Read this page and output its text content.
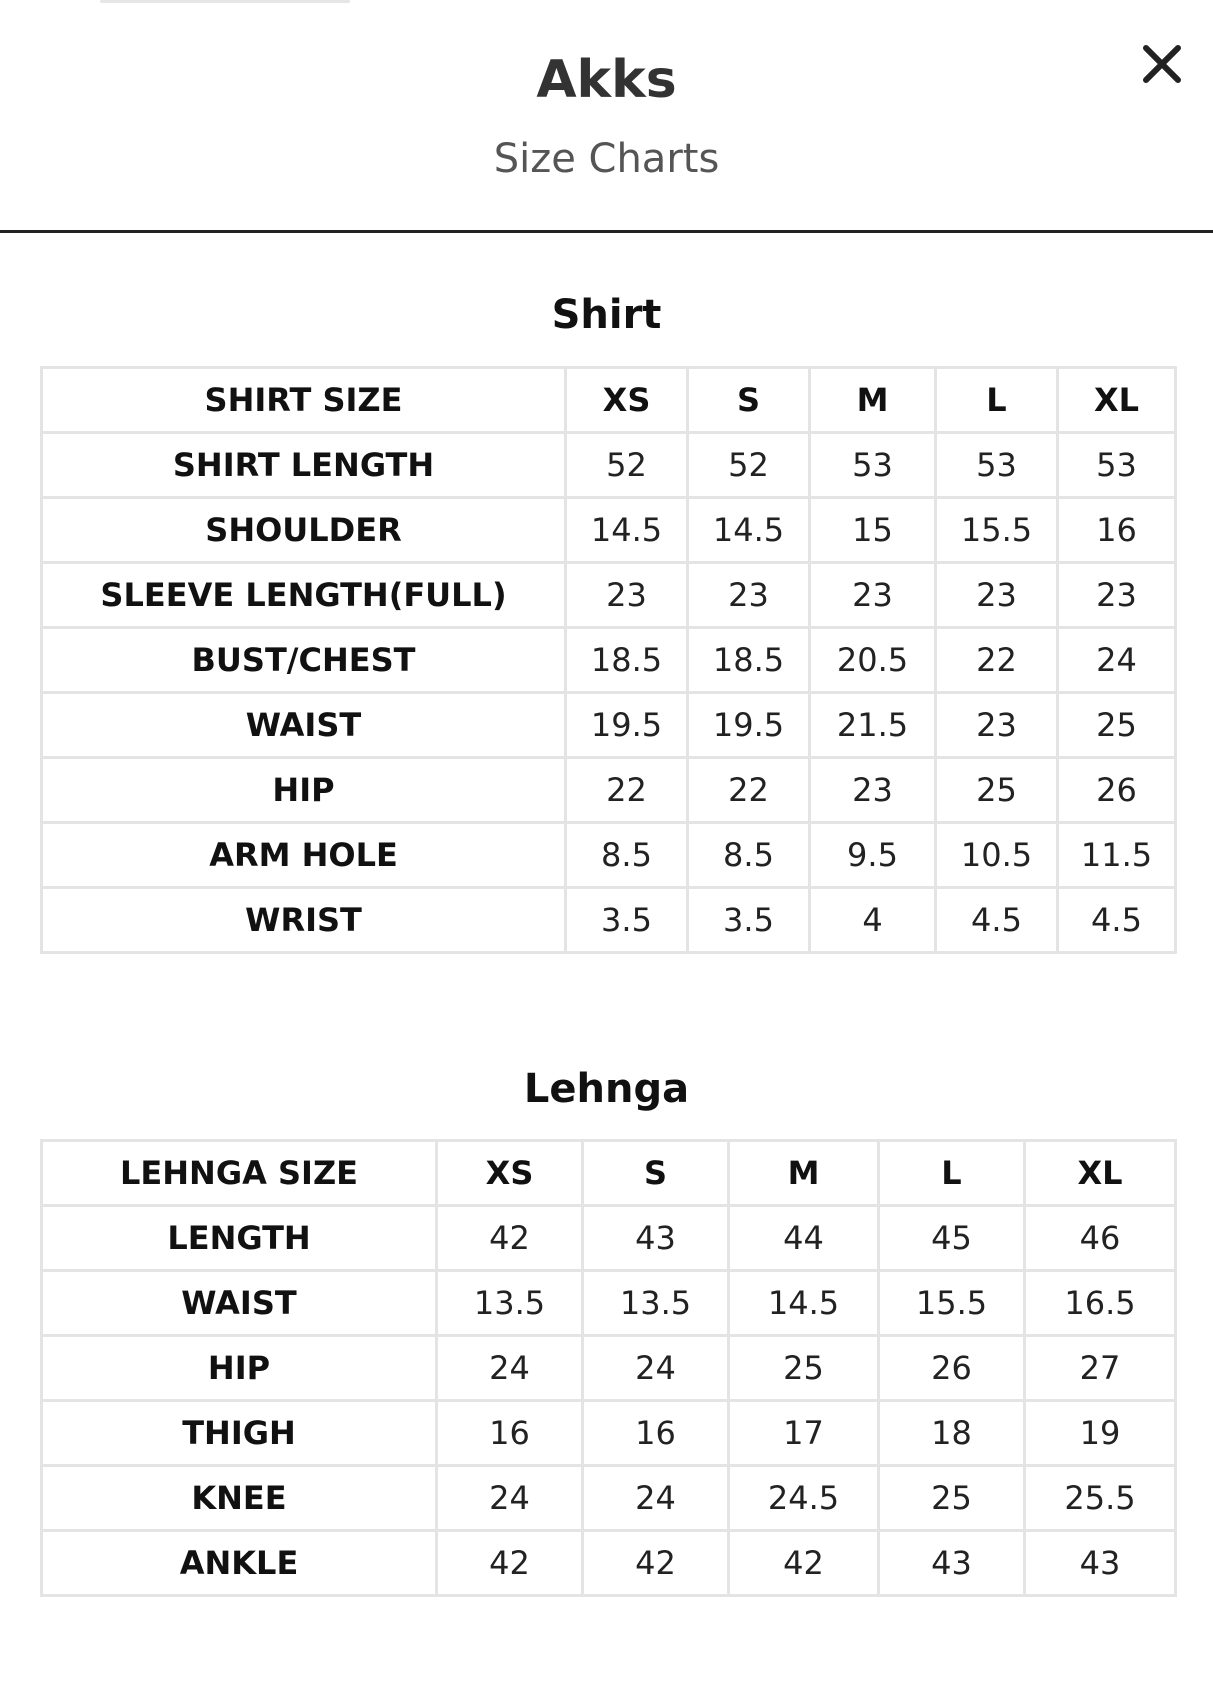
Akks
Size Charts
Shirt
SHIRT SIZE	XS	S	M	L	XL
SHIRT LENGTH	52	52	53	53	53
SHOULDER	14.5	14.5	15	15.5	16
SLEEVE LENGTH(FULL)	23	23	23	23	23
BUST/CHEST	18.5	18.5	20.5	22	24
WAIST	19.5	19.5	21.5	23	25
HIP	22	22	23	25	26
ARM HOLE	8.5	8.5	9.5	10.5	11.5
WRIST	3.5	3.5	4	4.5	4.5
Lehnga
LEHNGA SIZE	XS	S	M	L	XL
LENGTH	42	43	44	45	46
WAIST	13.5	13.5	14.5	15.5	16.5
HIP	24	24	25	26	27
THIGH	16	16	17	18	19
KNEE	24	24	24.5	25	25.5
ANKLE	42	42	42	43	43
